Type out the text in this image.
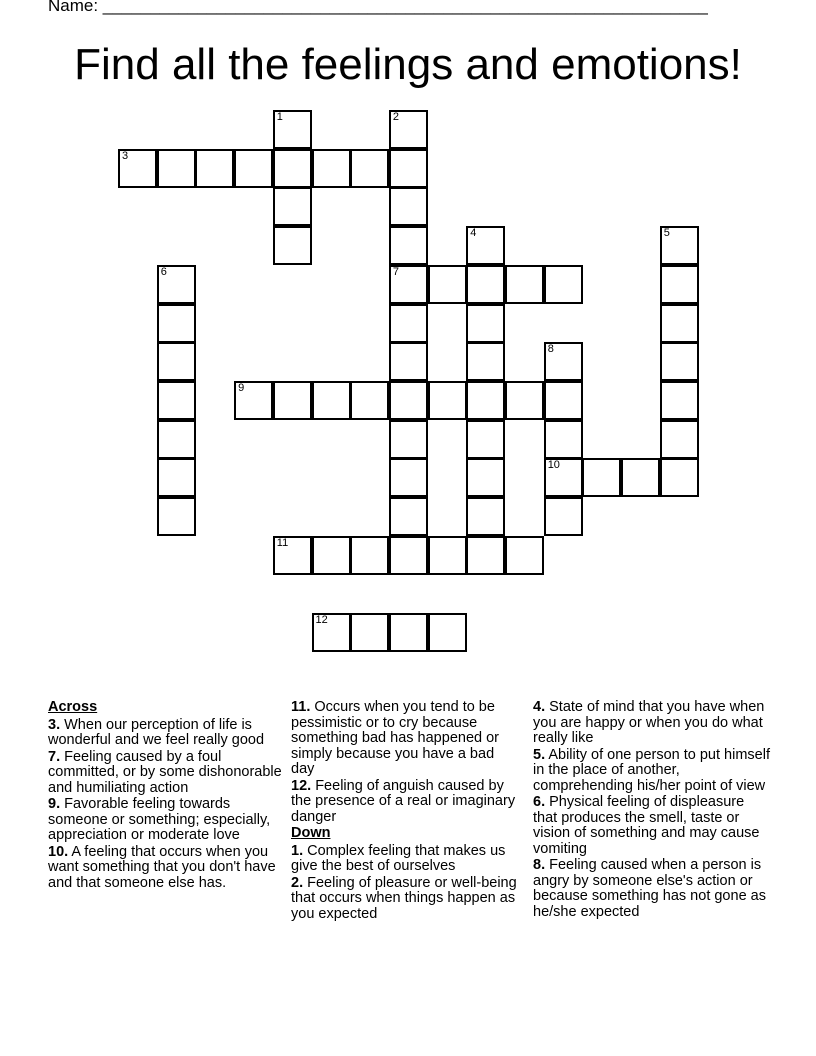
Name: ________________________________________________________________
Find all the feelings and emotions!
1	2
7
3
4	5
6
8
10
9
11
12
Across
3. When our perception of life is wonderful and we feel really good
7. Feeling caused by a foul committed, or by some dishonorable and humiliating action
9. Favorable feeling towards someone or something; especially, appreciation or moderate love
10. A feeling that occurs when you want something that you don't have and that someone else has.
11. Occurs when you tend to be pessimistic or to cry because something bad has happened or simply because you have a bad day
12. Feeling of anguish caused by the presence of a real or imaginary danger
Down
1. Complex feeling that makes us give the best of ourselves
2. Feeling of pleasure or well-being that occurs when things happen as you expected
4. State of mind that you have when you are happy or when you do what really like
5. Ability of one person to put himself in the place of another, comprehending his/her point of view
6. Physical feeling of displeasure that produces the smell, taste or vision of something and may cause vomiting
8. Feeling caused when a person is angry by someone else's action or because something has not gone as he/she expected
